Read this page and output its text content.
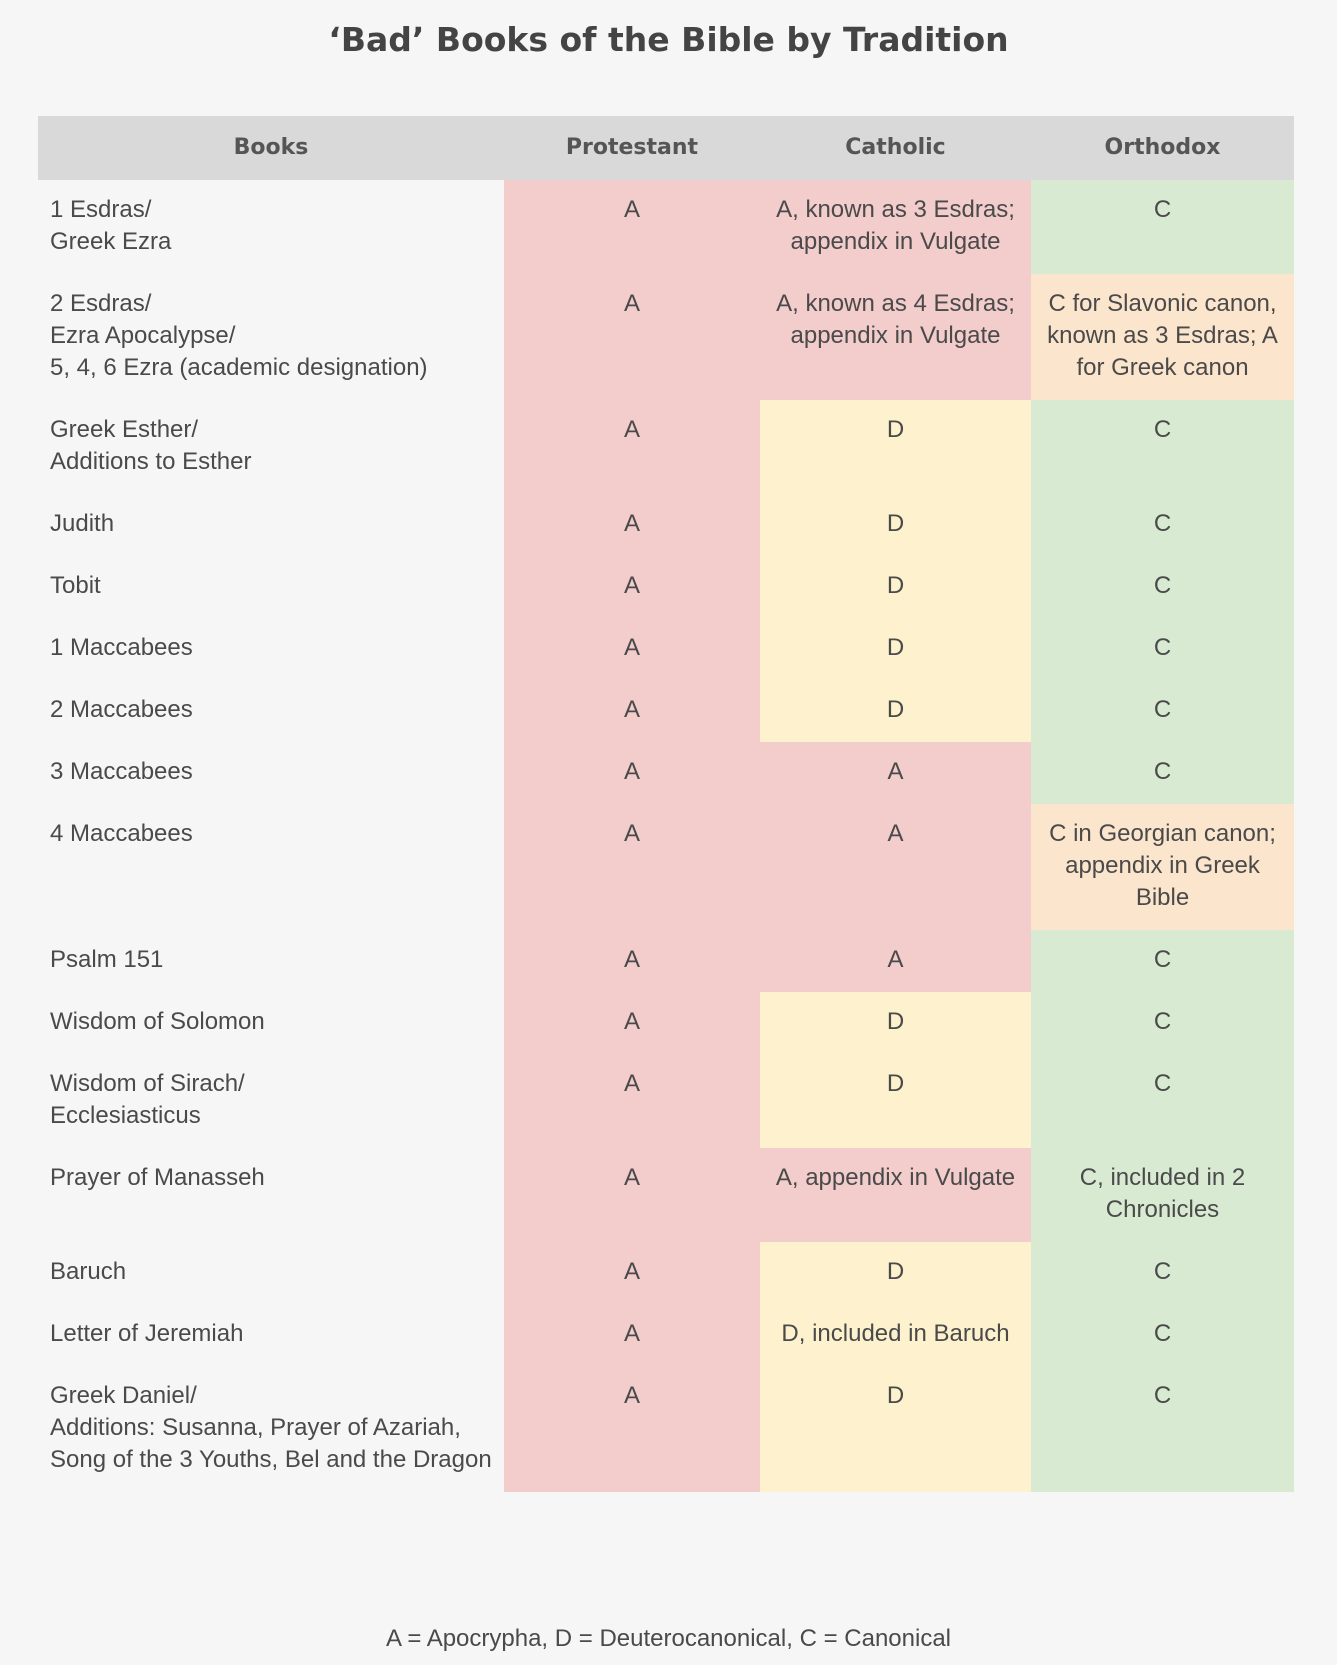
‘Bad’ Books of the Bible by Tradition
Books	Protestant	Catholic	Orthodox
1 Esdras/
Greek Ezra	A	A, known as 3 Esdras; appendix in Vulgate	C
2 Esdras/
Ezra Apocalypse/
5, 4, 6 Ezra (academic designation)	A	A, known as 4 Esdras; appendix in Vulgate	C for Slavonic canon, known as 3 Esdras; A for Greek canon
Greek Esther/
Additions to Esther	A	D	C
Judith	A	D	C
Tobit	A	D	C
1 Maccabees	A	D	C
2 Maccabees	A	D	C
3 Maccabees	A	A	C
4 Maccabees	A	A	C in Georgian canon; appendix in Greek Bible
Psalm 151	A	A	C
Wisdom of Solomon	A	D	C
Wisdom of Sirach/
Ecclesiasticus	A	D	C
Prayer of Manasseh	A	A, appendix in Vulgate	C, included in 2 Chronicles
Baruch	A	D	C
Letter of Jeremiah	A	D, included in Baruch	C
Greek Daniel/
Additions: Susanna, Prayer of Azariah, Song of the 3 Youths, Bel and the Dragon	A	D	C

A = Apocrypha, D = Deuterocanonical, C = Canonical
